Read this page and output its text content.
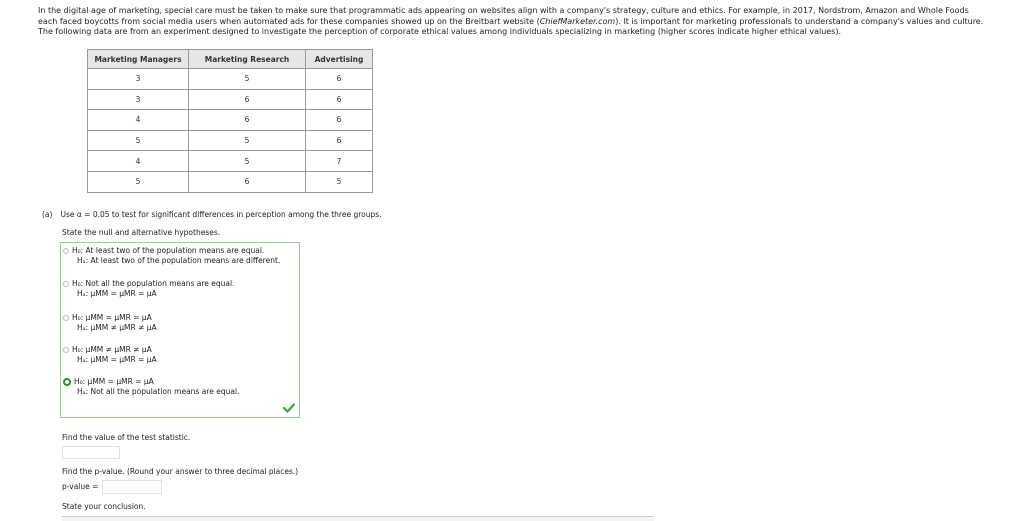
In the digital age of marketing, special care must be taken to make sure that programmatic ads appearing on websites align with a company's strategy, culture and ethics. For example, in 2017, Nordstrom, Amazon and Whole Foods each faced boycotts from social media users when automated ads for these companies showed up on the Breitbart website (ChiefMarketer.com). It is important for marketing professionals to understand a company's values and culture. The following data are from an experiment designed to investigate the perception of corporate ethical values among individuals specializing in marketing (higher scores indicate higher ethical values).
Marketing Managers	Marketing Research	Advertising
3	5	6
3	6	6
4	6	6
5	5	6
4	5	7
5	6	5
(a) Use α = 0.05 to test for significant differences in perception among the three groups.
State the null and alternative hypotheses.
H₀: At least two of the population means are equal.
Hₐ: At least two of the population means are different.
H₀: Not all the population means are equal.
Hₐ: μMM = μMR = μA
H₀: μMM = μMR = μA
Hₐ: μMM ≠ μMR ≠ μA
H₀: μMM ≠ μMR ≠ μA
Hₐ: μMM = μMR = μA
H₀: μMM = μMR = μA
Hₐ: Not all the population means are equal.
Find the value of the test statistic.
Find the p-value. (Round your answer to three decimal places.)
p-value =
State your conclusion.
